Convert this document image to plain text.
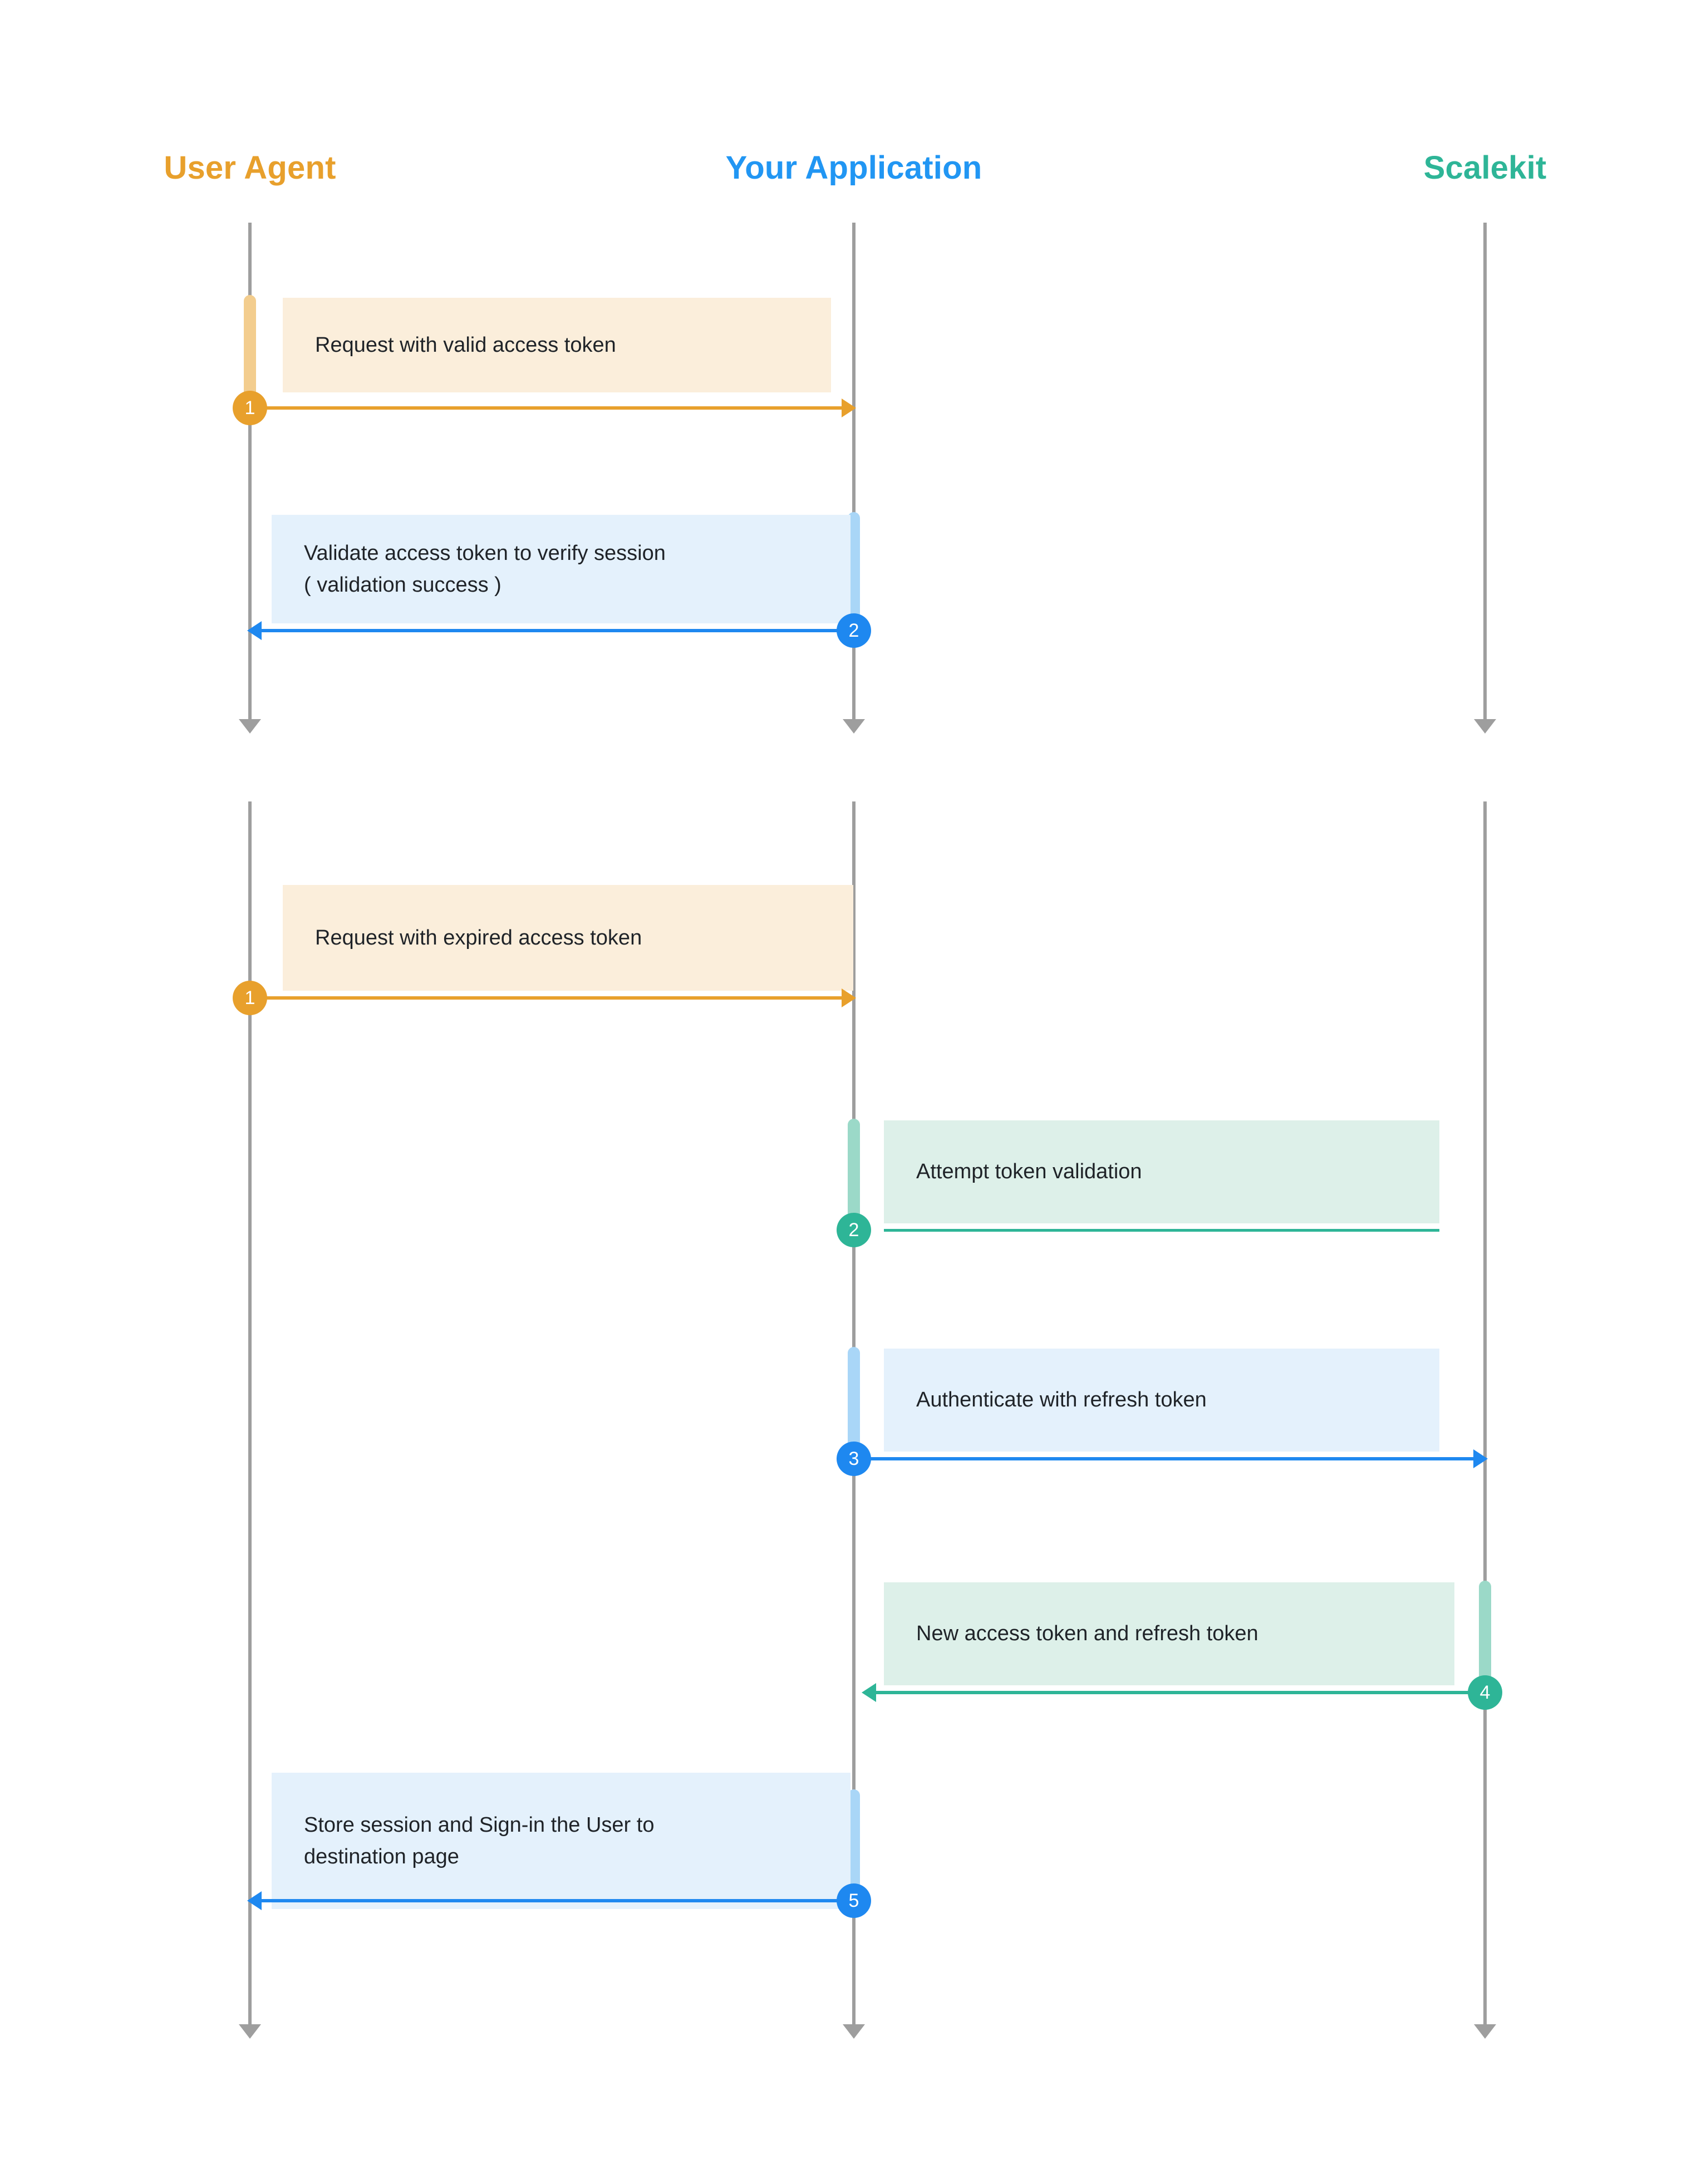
User Agent	Your Application	Scalekit
Request with valid access token
1
Validate access token to verify session
( validation success )
2
Request with expired access token
1
Attempt token validation
2
Authenticate with refresh token
3
New access token and refresh token
4
Store session and Sign-in the User to
destination page
5
